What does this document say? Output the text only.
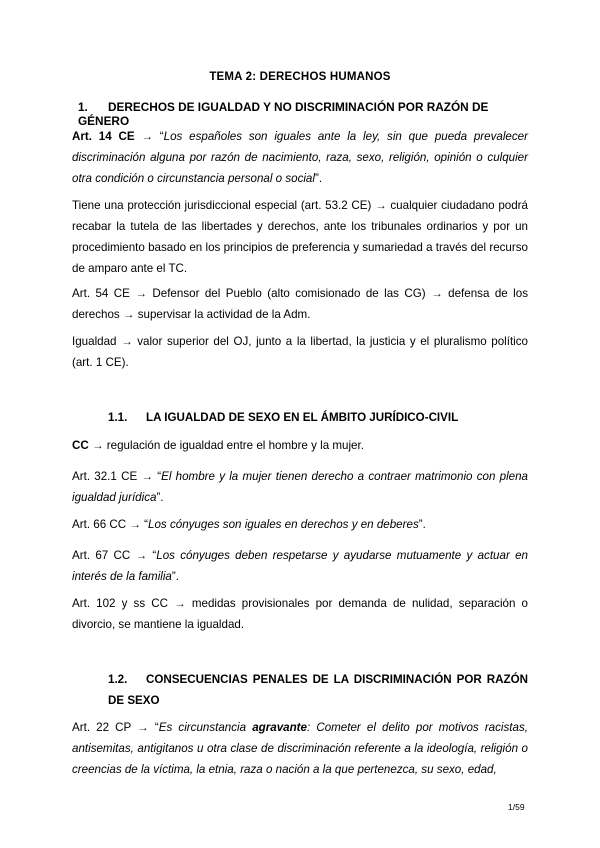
TEMA 2: DERECHOS HUMANOS
1. DERECHOS DE IGUALDAD Y NO DISCRIMINACIÓN POR RAZÓN DE GÉNERO

Art. 14 CE → “Los españoles son iguales ante la ley, sin que pueda prevalecer discriminación alguna por razón de nacimiento, raza, sexo, religión, opinión o culquier otra condición o circunstancia personal o social”.

Tiene una protección jurisdiccional especial (art. 53.2 CE) → cualquier ciudadano podrá recabar la tutela de las libertades y derechos, ante los tribunales ordinarios y por un procedimiento basado en los principios de preferencia y sumariedad a través del recurso de amparo ante el TC.

Art. 54 CE → Defensor del Pueblo (alto comisionado de las CG) → defensa de los derechos → supervisar la actividad de la Adm.

Igualdad → valor superior del OJ, junto a la libertad, la justicia y el pluralismo político (art. 1 CE).

1.1. LA IGUALDAD DE SEXO EN EL ÁMBITO JURÍDICO-CIVIL

CC → regulación de igualdad entre el hombre y la mujer.

Art. 32.1 CE → “El hombre y la mujer tienen derecho a contraer matrimonio con plena igualdad jurídica”.

Art. 66 CC → “Los cónyuges son iguales en derechos y en deberes”.

Art. 67 CC → “Los cónyuges deben respetarse y ayudarse mutuamente y actuar en interés de la familia”.

Art. 102 y ss CC → medidas provisionales por demanda de nulidad, separación o divorcio, se mantiene la igualdad.

1.2. CONSECUENCIAS PENALES DE LA DISCRIMINACIÓN POR RAZÓN DE SEXO

Art. 22 CP → “Es circunstancia agravante: Cometer el delito por motivos racistas, antisemitas, antigitanos u otra clase de discriminación referente a la ideología, religión o creencias de la víctima, la etnia, raza o nación a la que pertenezca, su sexo, edad,

1/59
